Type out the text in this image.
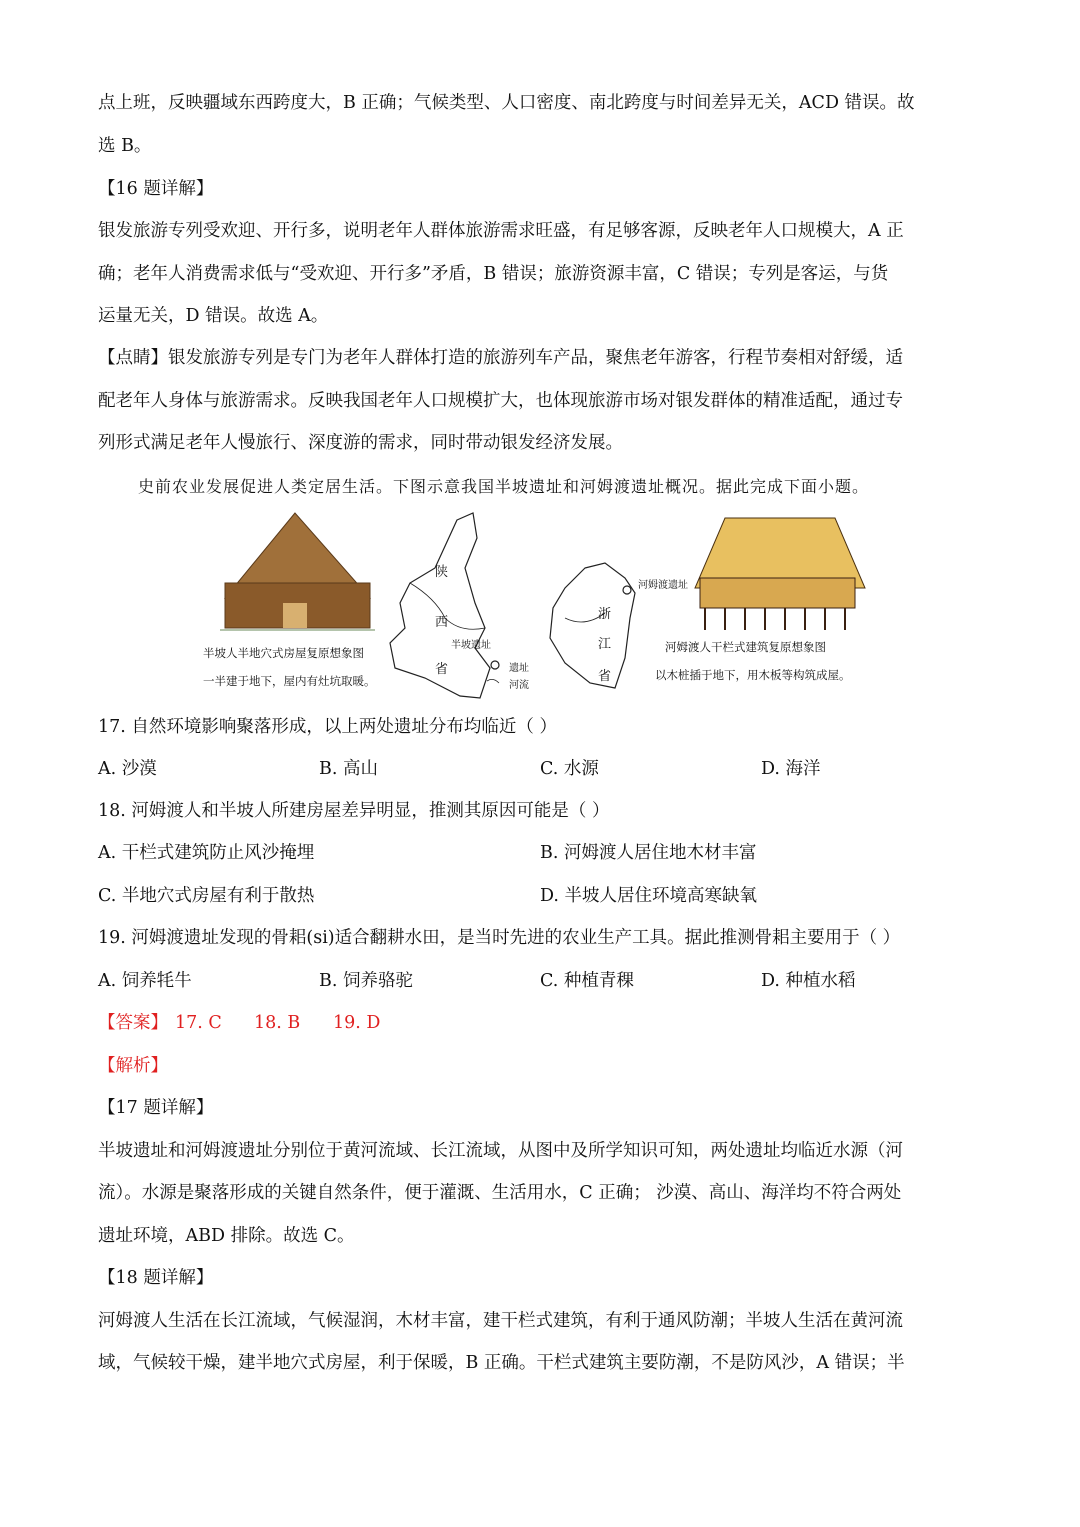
点上班，反映疆域东西跨度大，B 正确；气候类型、人口密度、南北跨度与时间差异无关，ACD 错误。故
选 B。
【16 题详解】
银发旅游专列受欢迎、开行多，说明老年人群体旅游需求旺盛，有足够客源，反映老年人口规模大，A 正
确；老年人消费需求低与“受欢迎、开行多”矛盾，B 错误；旅游资源丰富，C 错误；专列是客运，与货
运量无关，D 错误。故选 A。
【点睛】银发旅游专列是专门为老年人群体打造的旅游列车产品，聚焦老年游客，行程节奏相对舒缓，适
配老年人身体与旅游需求。反映我国老年人口规模扩大，也体现旅游市场对银发群体的精准适配，通过专
列形式满足老年人慢旅行、深度游的需求，同时带动银发经济发展。
史前农业发展促进人类定居生活。下图示意我国半坡遗址和河姆渡遗址概况。据此完成下面小题。
半坡人半地穴式房屋复原想象图
一半建于地下，屋内有灶坑取暖。
陕
西
省
半坡遗址
遗址
河流
浙
江
省
河姆渡遗址
河姆渡人干栏式建筑复原想象图
以木桩插于地下，用木板等构筑成屋。
17. 自然环境影响聚落形成，以上两处遗址分布均临近（ ）
A. 沙漠	B. 高山	C. 水源	D. 海洋
18. 河姆渡人和半坡人所建房屋差异明显，推测其原因可能是（ ）
A. 干栏式建筑防止风沙掩埋	B. 河姆渡人居住地木材丰富
C. 半地穴式房屋有利于散热	D. 半坡人居住环境高寒缺氧
19. 河姆渡遗址发现的骨耜(si)适合翻耕水田，是当时先进的农业生产工具。据此推测骨耜主要用于（ ）
A. 饲养牦牛	B. 饲养骆驼	C. 种植青稞	D. 种植水稻
【答案】 17. C 18. B 19. D
【解析】
【17 题详解】
半坡遗址和河姆渡遗址分别位于黄河流域、长江流域，从图中及所学知识可知，两处遗址均临近水源（河
流）。水源是聚落形成的关键自然条件，便于灌溉、生活用水，C 正确； 沙漠、高山、海洋均不符合两处
遗址环境，ABD 排除。故选 C。
【18 题详解】
河姆渡人生活在长江流域，气候湿润，木材丰富，建干栏式建筑，有利于通风防潮；半坡人生活在黄河流
域，气候较干燥，建半地穴式房屋，利于保暖，B 正确。干栏式建筑主要防潮，不是防风沙，A 错误；半
